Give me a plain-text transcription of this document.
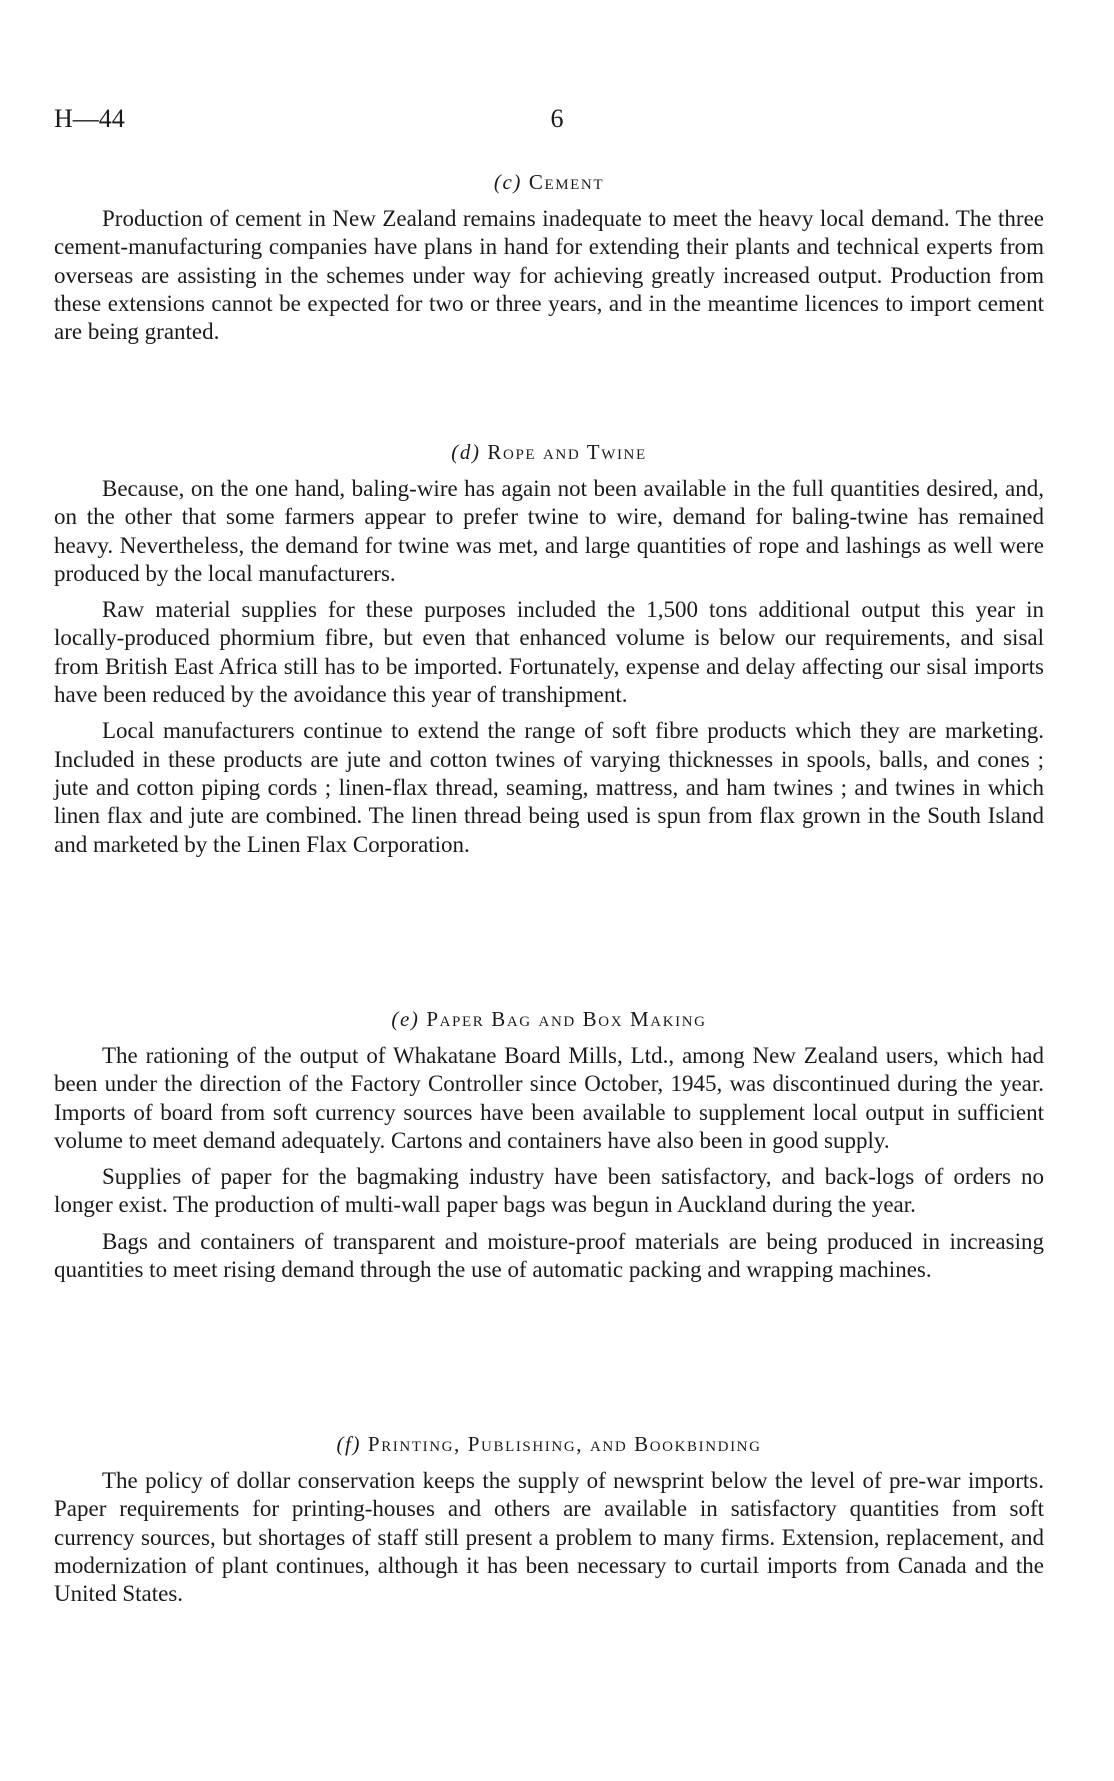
H—44	6
(c) Cement

Production of cement in New Zealand remains inadequate to meet the heavy local demand. The three cement-manufacturing companies have plans in hand for extending their plants and technical experts from overseas are assisting in the schemes under way for achieving greatly increased output. Production from these extensions cannot be expected for two or three years, and in the meantime licences to import cement are being granted.

(d) Rope and Twine

Because, on the one hand, baling-wire has again not been available in the full quantities desired, and, on the other that some farmers appear to prefer twine to wire, demand for baling-twine has remained heavy. Nevertheless, the demand for twine was met, and large quantities of rope and lashings as well were produced by the local manufacturers.

Raw material supplies for these purposes included the 1,500 tons additional output this year in locally-produced phormium fibre, but even that enhanced volume is below our requirements, and sisal from British East Africa still has to be imported. Fortunately, expense and delay affecting our sisal imports have been reduced by the avoidance this year of transhipment.

Local manufacturers continue to extend the range of soft fibre products which they are marketing. Included in these products are jute and cotton twines of varying thicknesses in spools, balls, and cones ; jute and cotton piping cords ; linen-flax thread, seaming, mattress, and ham twines ; and twines in which linen flax and jute are combined. The linen thread being used is spun from flax grown in the South Island and marketed by the Linen Flax Corporation.

(e) Paper Bag and Box Making

The rationing of the output of Whakatane Board Mills, Ltd., among New Zealand users, which had been under the direction of the Factory Controller since October, 1945, was discontinued during the year. Imports of board from soft currency sources have been available to supplement local output in sufficient volume to meet demand adequately. Cartons and containers have also been in good supply.

Supplies of paper for the bagmaking industry have been satisfactory, and back-logs of orders no longer exist. The production of multi-wall paper bags was begun in Auckland during the year.

Bags and containers of transparent and moisture-proof materials are being produced in increasing quantities to meet rising demand through the use of automatic packing and wrapping machines.

(f) Printing, Publishing, and Bookbinding

The policy of dollar conservation keeps the supply of newsprint below the level of pre-war imports. Paper requirements for printing-houses and others are available in satisfactory quantities from soft currency sources, but shortages of staff still present a problem to many firms. Extension, replacement, and modernization of plant continues, although it has been necessary to curtail imports from Canada and the United States.
